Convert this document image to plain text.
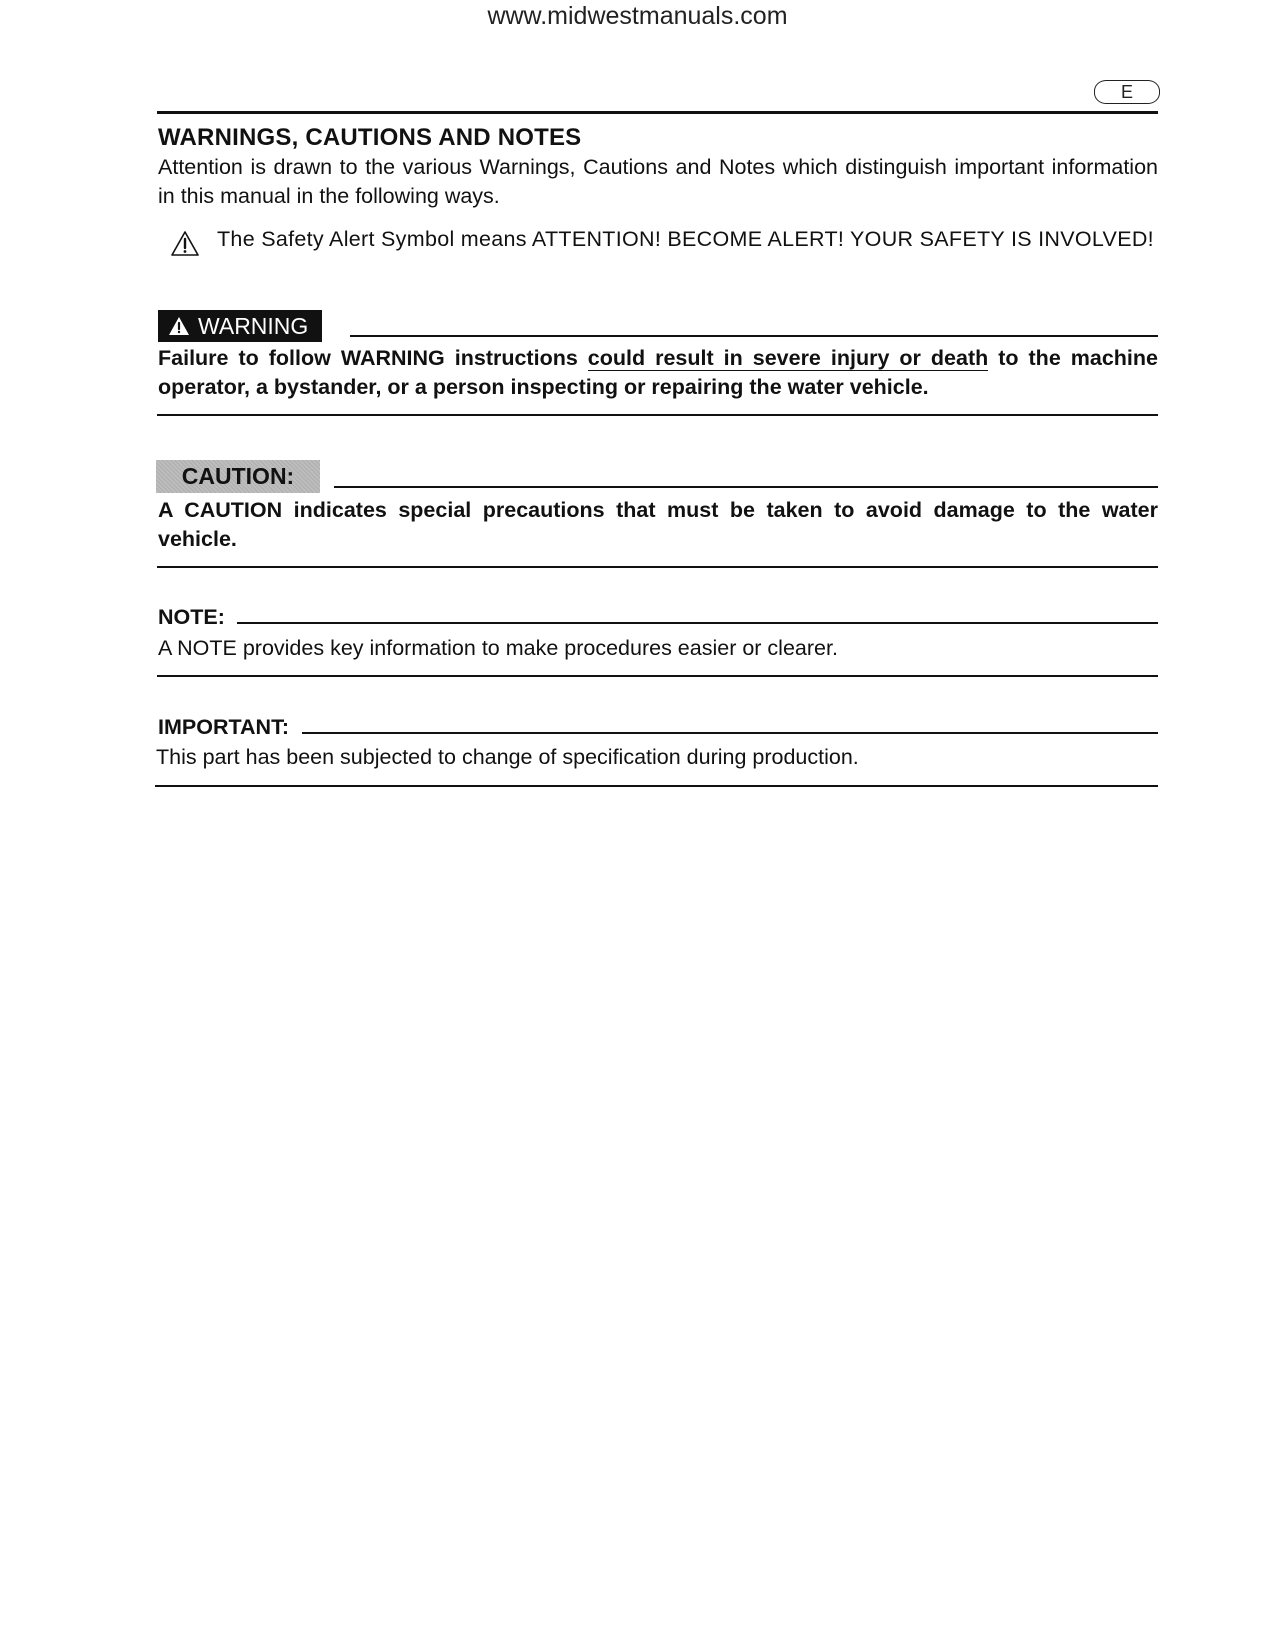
www.midwestmanuals.com
E
WARNINGS, CAUTIONS AND NOTES
Attention is drawn to the various Warnings, Cautions and Notes which distinguish important information in this manual in the following ways.
The Safety Alert Symbol means ATTENTION! BECOME ALERT! YOUR SAFETY IS INVOLVED!
WARNING
Failure to follow WARNING instructions could result in severe injury or death to the machine operator, a bystander, or a person inspecting or repairing the water vehicle.
CAUTION:
A CAUTION indicates special precautions that must be taken to avoid damage to the water vehicle.
NOTE:
A NOTE provides key information to make procedures easier or clearer.
IMPORTANT:
This part has been subjected to change of specification during production.
